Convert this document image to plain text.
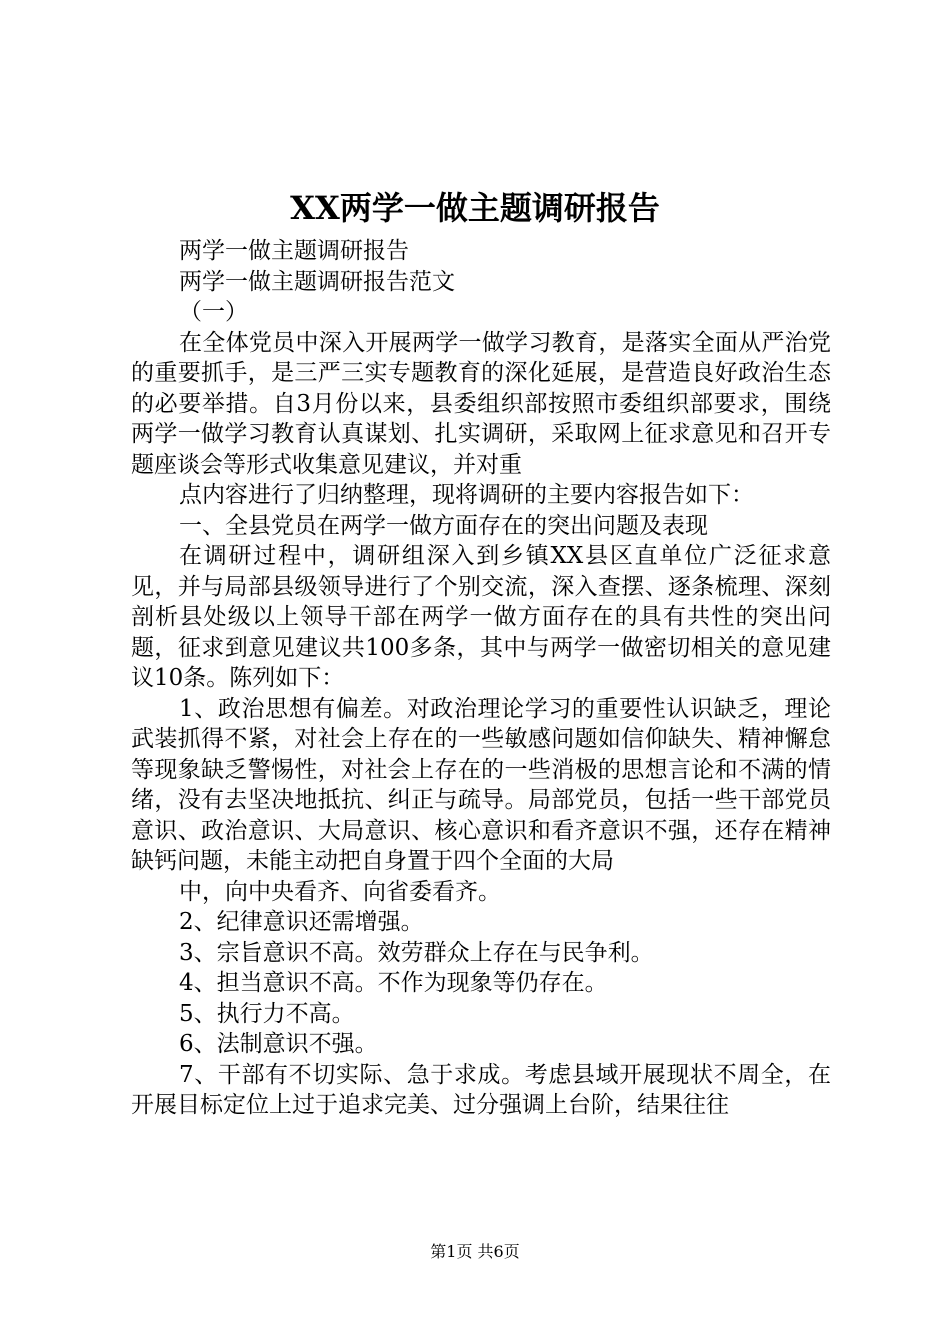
XX两学一做主题调研报告

两学一做主题调研报告

两学一做主题调研报告范文

（一）

在全体党员中深入开展两学一做学习教育，是落实全面从严治党的重要抓手，是三严三实专题教育的深化延展，是营造良好政治生态的必要举措。自3月份以来，县委组织部按照市委组织部要求，围绕两学一做学习教育认真谋划、扎实调研，采取网上征求意见和召开专题座谈会等形式收集意见建议，并对重

点内容进行了归纳整理，现将调研的主要内容报告如下：

一、全县党员在两学一做方面存在的突出问题及表现

在调研过程中，调研组深入到乡镇XX县区直单位广泛征求意见，并与局部县级领导进行了个别交流，深入查摆、逐条梳理、深刻剖析县处级以上领导干部在两学一做方面存在的具有共性的突出问题，征求到意见建议共100多条，其中与两学一做密切相关的意见建议10条。陈列如下：

1、政治思想有偏差。对政治理论学习的重要性认识缺乏，理论武装抓得不紧，对社会上存在的一些敏感问题如信仰缺失、精神懈怠等现象缺乏警惕性，对社会上存在的一些消极的思想言论和不满的情绪，没有去坚决地抵抗、纠正与疏导。局部党员，包括一些干部党员意识、政治意识、大局意识、核心意识和看齐意识不强，还存在精神缺钙问题，未能主动把自身置于四个全面的大局

中，向中央看齐、向省委看齐。

2、纪律意识还需增强。

3、宗旨意识不高。效劳群众上存在与民争利。

4、担当意识不高。不作为现象等仍存在。

5、执行力不高。

6、法制意识不强。

7、干部有不切实际、急于求成。考虑县域开展现状不周全，在开展目标定位上过于追求完美、过分强调上台阶，结果往往

第1页 共6页
